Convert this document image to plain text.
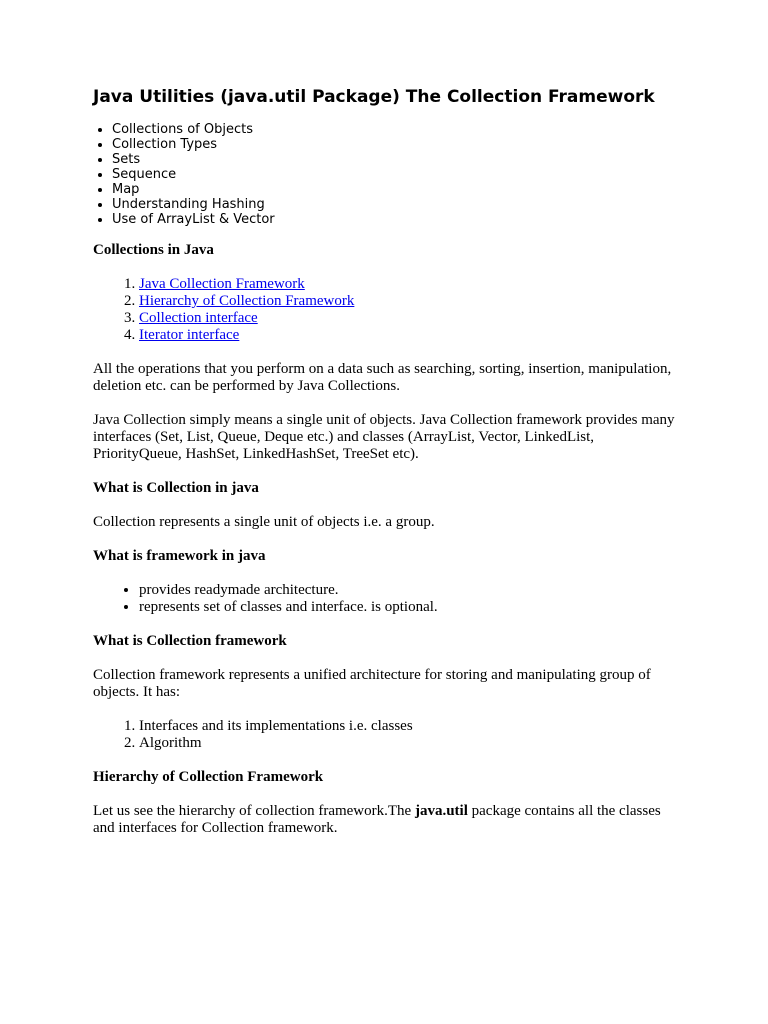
Java Utilities (java.util Package) The Collection Framework
• Collections of Objects
• Collection Types
• Sets
• Sequence
• Map
• Understanding Hashing
• Use of ArrayList & Vector
Collections in Java
1. Java Collection Framework
2. Hierarchy of Collection Framework
3. Collection interface
4. Iterator interface

All the operations that you perform on a data such as searching, sorting, insertion, manipulation, deletion etc. can be performed by Java Collections.

Java Collection simply means a single unit of objects. Java Collection framework provides many interfaces (Set, List, Queue, Deque etc.) and classes (ArrayList, Vector, LinkedList, PriorityQueue, HashSet, LinkedHashSet, TreeSet etc).

What is Collection in java

Collection represents a single unit of objects i.e. a group.

What is framework in java
• provides readymade architecture.
• represents set of classes and interface. is optional.
What is Collection framework

Collection framework represents a unified architecture for storing and manipulating group of objects. It has:

1. Interfaces and its implementations i.e. classes
2. Algorithm
Hierarchy of Collection Framework

Let us see the hierarchy of collection framework.The java.util package contains all the classes and interfaces for Collection framework.
